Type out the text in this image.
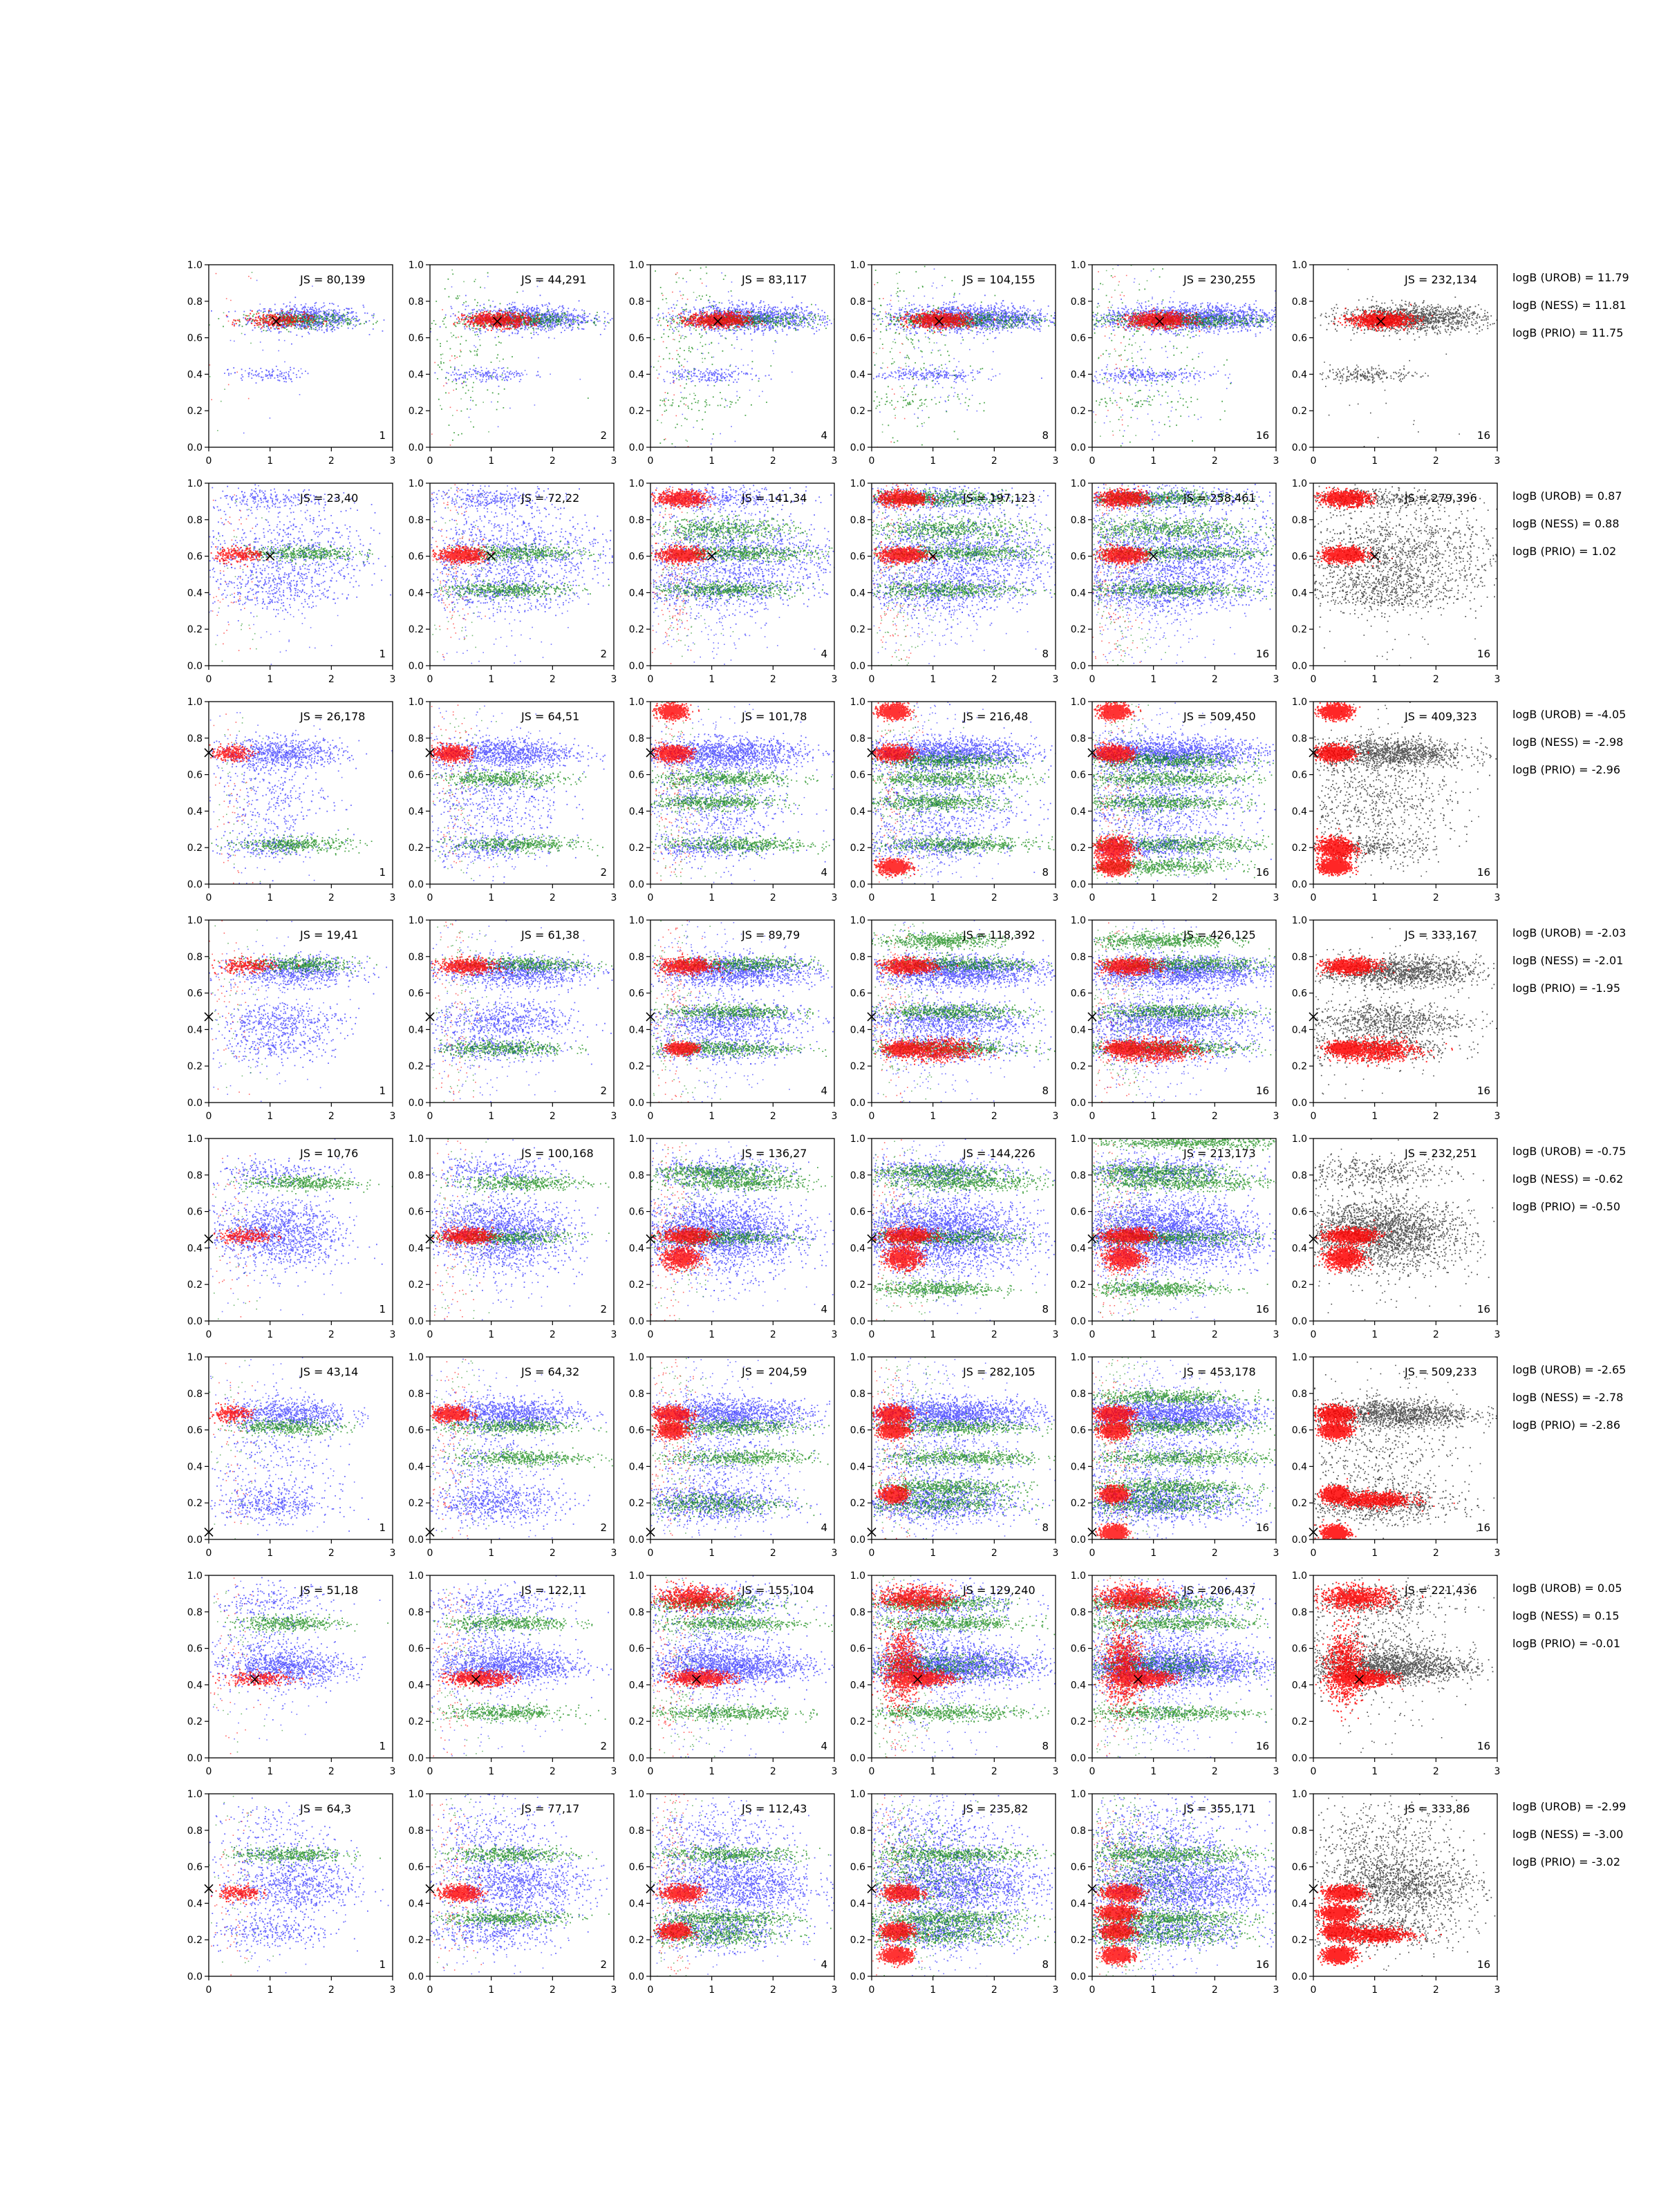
0	1	2	3
0.0
0.2
0.4
0.6
0.8
1.0
JS = 80,139
1
0	1	2	3
0.0
0.2
0.4
0.6
0.8
1.0
JS = 44,291
2
0	1	2	3
0.0
0.2
0.4
0.6
0.8
1.0
JS = 83,117
4
0	1	2	3
0.0
0.2
0.4
0.6
0.8
1.0
JS = 104,155
8
0	1	2	3
0.0
0.2
0.4
0.6
0.8
1.0
JS = 230,255
16
0	1	2	3
0.0
0.2
0.4
0.6
0.8
1.0
JS = 232,134
16
logB (UROB) = 11.79
logB (NESS) = 11.81
logB (PRIO) = 11.75
0	1	2	3
0.0
0.2
0.4
0.6
0.8
1.0
JS = 23,40
1
0	1	2	3
0.0
0.2
0.4
0.6
0.8
1.0
JS = 72,22
2
0	1	2	3
0.0
0.2
0.4
0.6
0.8
1.0
JS = 141,34
4
0	1	2	3
0.0
0.2
0.4
0.6
0.8
1.0
JS = 197,123
8
0	1	2	3
0.0
0.2
0.4
0.6
0.8
1.0
JS = 258,461
16
0	1	2	3
0.0
0.2
0.4
0.6
0.8
1.0
JS = 279,396
16
logB (UROB) = 0.87
logB (NESS) = 0.88
logB (PRIO) = 1.02
0	1	2	3
0.0
0.2
0.4
0.6
0.8
1.0
JS = 26,178
1
0	1	2	3
0.0
0.2
0.4
0.6
0.8
1.0
JS = 64,51
2
0	1	2	3
0.0
0.2
0.4
0.6
0.8
1.0
JS = 101,78
4
0	1	2	3
0.0
0.2
0.4
0.6
0.8
1.0
JS = 216,48
8
0	1	2	3
0.0
0.2
0.4
0.6
0.8
1.0
JS = 509,450
16
0	1	2	3
0.0
0.2
0.4
0.6
0.8
1.0
JS = 409,323
16
logB (UROB) = -4.05
logB (NESS) = -2.98
logB (PRIO) = -2.96
0	1	2	3
0.0
0.2
0.4
0.6
0.8
1.0
JS = 19,41
1
0	1	2	3
0.0
0.2
0.4
0.6
0.8
1.0
JS = 61,38
2
0	1	2	3
0.0
0.2
0.4
0.6
0.8
1.0
JS = 89,79
4
0	1	2	3
0.0
0.2
0.4
0.6
0.8
1.0
JS = 118,392
8
0	1	2	3
0.0
0.2
0.4
0.6
0.8
1.0
JS = 426,125
16
0	1	2	3
0.0
0.2
0.4
0.6
0.8
1.0
JS = 333,167
16
logB (UROB) = -2.03
logB (NESS) = -2.01
logB (PRIO) = -1.95
0	1	2	3
0.0
0.2
0.4
0.6
0.8
1.0
JS = 10,76
1
0	1	2	3
0.0
0.2
0.4
0.6
0.8
1.0
JS = 100,168
2
0	1	2	3
0.0
0.2
0.4
0.6
0.8
1.0
JS = 136,27
4
0	1	2	3
0.0
0.2
0.4
0.6
0.8
1.0
JS = 144,226
8
0	1	2	3
0.0
0.2
0.4
0.6
0.8
1.0
JS = 213,173
16
0	1	2	3
0.0
0.2
0.4
0.6
0.8
1.0
JS = 232,251
16
logB (UROB) = -0.75
logB (NESS) = -0.62
logB (PRIO) = -0.50
0	1	2	3
0.0
0.2
0.4
0.6
0.8
1.0
JS = 43,14
1
0	1	2	3
0.0
0.2
0.4
0.6
0.8
1.0
JS = 64,32
2
0	1	2	3
0.0
0.2
0.4
0.6
0.8
1.0
JS = 204,59
4
0	1	2	3
0.0
0.2
0.4
0.6
0.8
1.0
JS = 282,105
8
0	1	2	3
0.0
0.2
0.4
0.6
0.8
1.0
JS = 453,178
16
0	1	2	3
0.0
0.2
0.4
0.6
0.8
1.0
JS = 509,233
16
logB (UROB) = -2.65
logB (NESS) = -2.78
logB (PRIO) = -2.86
0	1	2	3
0.0
0.2
0.4
0.6
0.8
1.0
JS = 51,18
1
0	1	2	3
0.0
0.2
0.4
0.6
0.8
1.0
JS = 122,11
2
0	1	2	3
0.0
0.2
0.4
0.6
0.8
1.0
JS = 155,104
4
0	1	2	3
0.0
0.2
0.4
0.6
0.8
1.0
JS = 129,240
8
0	1	2	3
0.0
0.2
0.4
0.6
0.8
1.0
JS = 206,437
16
0	1	2	3
0.0
0.2
0.4
0.6
0.8
1.0
JS = 221,436
16
logB (UROB) = 0.05
logB (NESS) = 0.15
logB (PRIO) = -0.01
0	1	2	3
0.0
0.2
0.4
0.6
0.8
1.0
JS = 64,3
1
0	1	2	3
0.0
0.2
0.4
0.6
0.8
1.0
JS = 77,17
2
0	1	2	3
0.0
0.2
0.4
0.6
0.8
1.0
JS = 112,43
4
0	1	2	3
0.0
0.2
0.4
0.6
0.8
1.0
JS = 235,82
8
0	1	2	3
0.0
0.2
0.4
0.6
0.8
1.0
JS = 355,171
16
0	1	2	3
0.0
0.2
0.4
0.6
0.8
1.0
JS = 333,86
16
logB (UROB) = -2.99
logB (NESS) = -3.00
logB (PRIO) = -3.02
